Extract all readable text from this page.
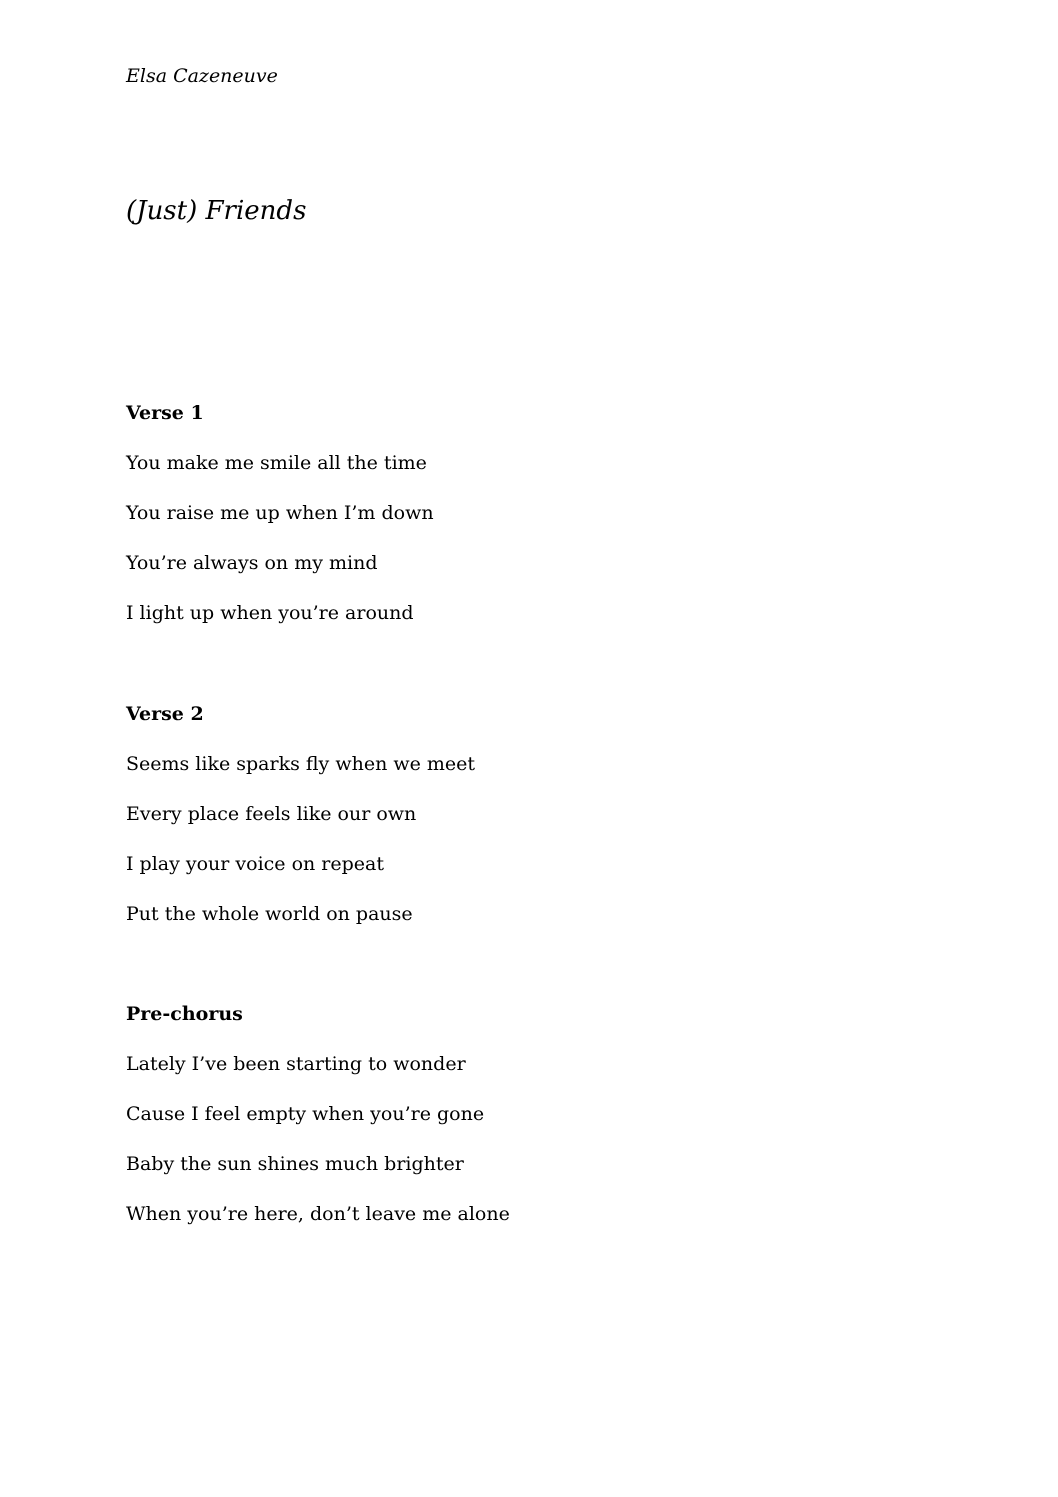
Elsa Cazeneuve
(Just) Friends
Verse 1
You make me smile all the time
You raise me up when I’m down
You’re always on my mind
I light up when you’re around
Verse 2
Seems like sparks fly when we meet
Every place feels like our own
I play your voice on repeat
Put the whole world on pause
Pre-chorus
Lately I’ve been starting to wonder
Cause I feel empty when you’re gone
Baby the sun shines much brighter
When you’re here, don’t leave me alone
